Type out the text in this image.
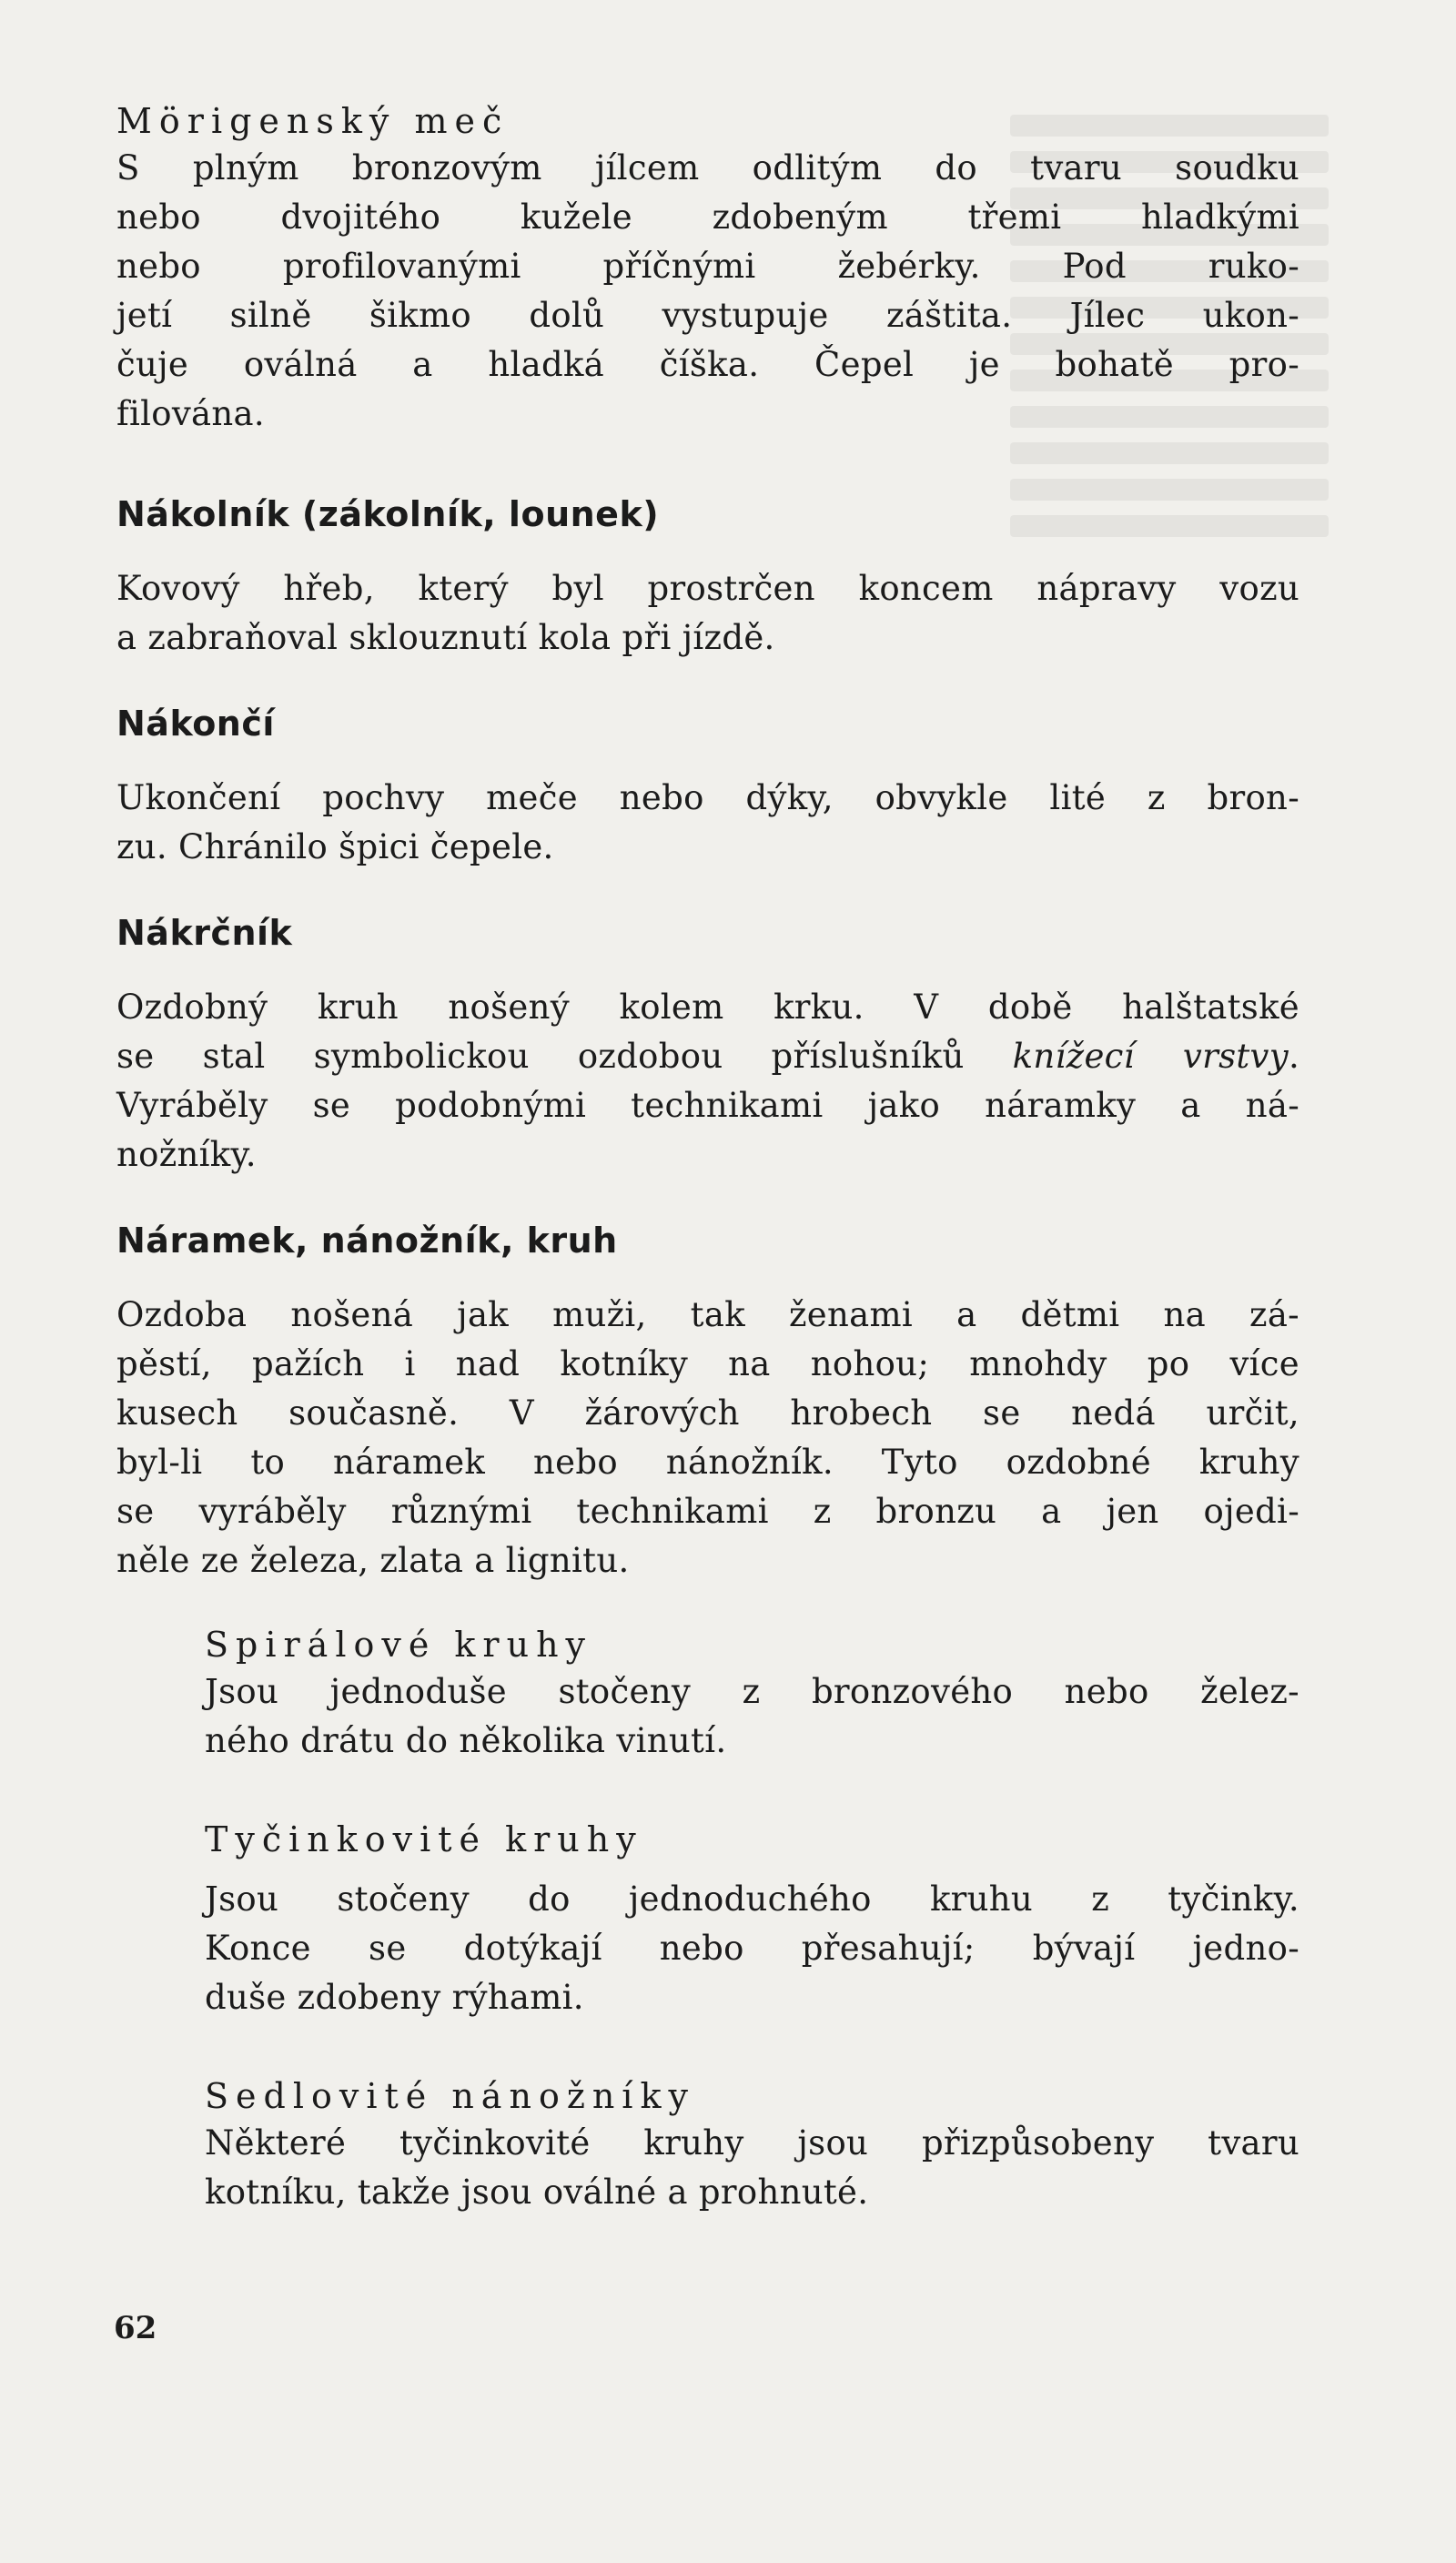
Mörigenský meč

S plným bronzovým jílcem odlitým do tvaru soudku
nebo dvojitého kužele zdobeným třemi hladkými
nebo profilovanými příčnými žebérky. Pod ruko-
jetí silně šikmo dolů vystupuje záštita. Jílec ukon-
čuje oválná a hladká číška. Čepel je bohatě pro-
filována.

Nákolník (zákolník, lounek)

Kovový hřeb, který byl prostrčen koncem nápravy vozu
a zabraňoval sklouznutí kola při jízdě.

Nákončí

Ukončení pochvy meče nebo dýky, obvykle lité z bron-
zu. Chránilo špici čepele.

Nákrčník

Ozdobný kruh nošený kolem krku. V době halštatské
se stal symbolickou ozdobou příslušníků knížecí vrstvy.
Vyráběly se podobnými technikami jako náramky a ná-
nožníky.

Náramek, nánožník, kruh

Ozdoba nošená jak muži, tak ženami a dětmi na zá-
pěstí, pažích i nad kotníky na nohou; mnohdy po více
kusech současně. V žárových hrobech se nedá určit,
byl-li to náramek nebo nánožník. Tyto ozdobné kruhy
se vyráběly různými technikami z bronzu a jen ojedi-
něle ze železa, zlata a lignitu.

Spirálové kruhy

Jsou jednoduše stočeny z bronzového nebo želez-
ného drátu do několika vinutí.

Tyčinkovité kruhy

Jsou stočeny do jednoduchého kruhu z tyčinky.
Konce se dotýkají nebo přesahují; bývají jedno-
duše zdobeny rýhami.

Sedlovité nánožníky

Některé tyčinkovité kruhy jsou přizpůsobeny tvaru
kotníku, takže jsou oválné a prohnuté.

62
